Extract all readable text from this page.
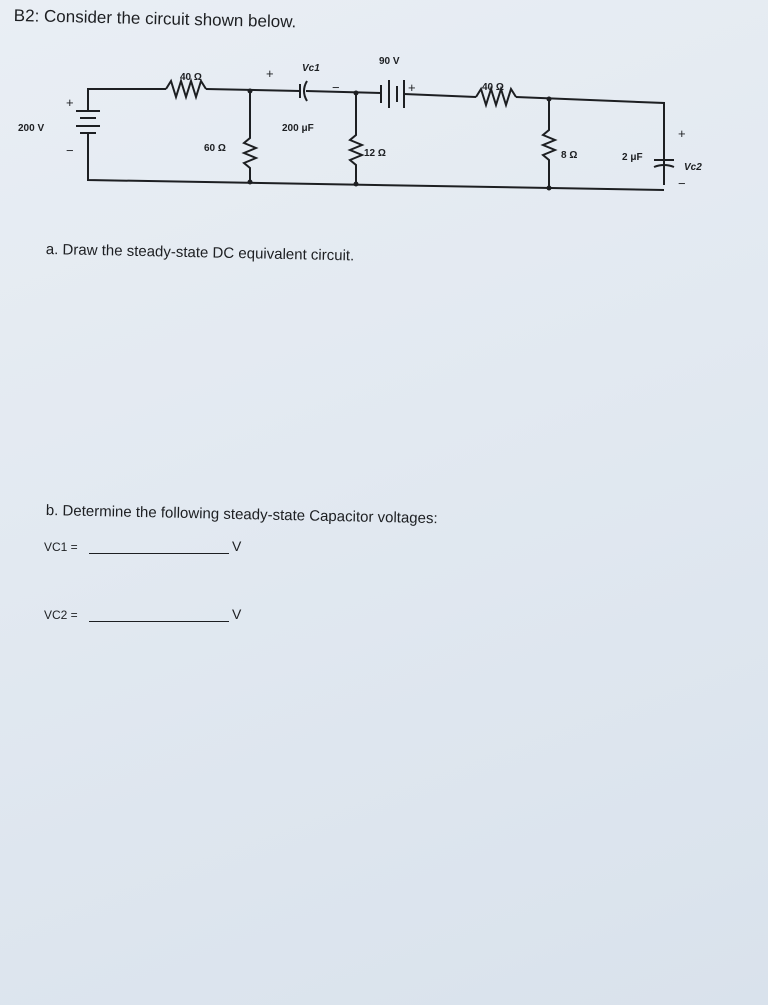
B2: Consider the circuit shown below.

40 Ω
200 V
+
−	60 Ω
+	Vc1
−
200 μF
90 V
+
12 Ω
40 Ω
8 Ω	2 μF
+
Vc2
−

a. Draw the steady-state DC equivalent circuit.

b. Determine the following steady-state Capacitor voltages:

VC1 =	V
VC2 =	V
